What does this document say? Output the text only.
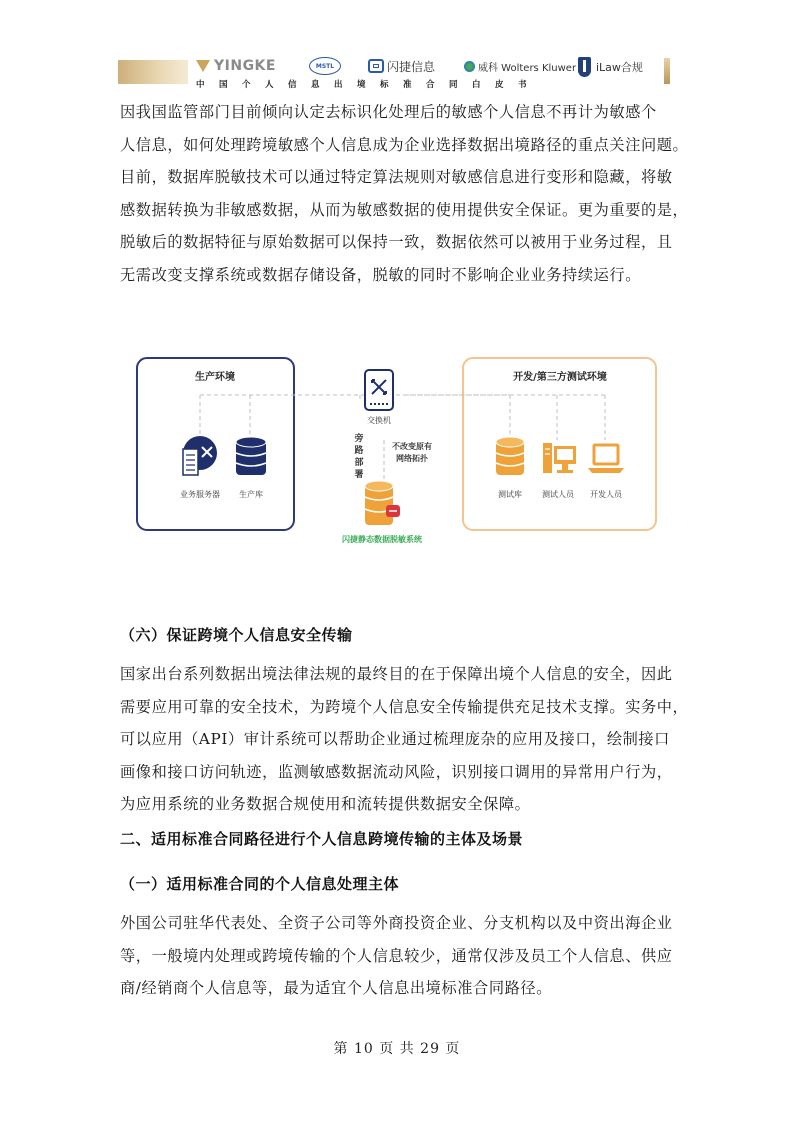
YINGKE	MSTL	闪捷信息	威科 Wolters Kluwer iLaw合规
中国个人信息出境标准合同白皮书

因我国监管部门目前倾向认定去标识化处理后的敏感个人信息不再计为敏感个
人信息，如何处理跨境敏感个人信息成为企业选择数据出境路径的重点关注问题。
目前，数据库脱敏技术可以通过特定算法规则对敏感信息进行变形和隐藏，将敏
感数据转换为非敏感数据，从而为敏感数据的使用提供安全保证。更为重要的是，
脱敏后的数据特征与原始数据可以保持一致，数据依然可以被用于业务过程，且
无需改变支撑系统或数据存储设备，脱敏的同时不影响企业业务持续运行。

生产环境	开发/第三方测试环境
业务服务器 生产库
交换机
旁
路
部
署
不改变原有
网络拓扑
闪捷静态数据脱敏系统
测试库	测试人员 开发人员
（六）保证跨境个人信息安全传输

国家出台系列数据出境法律法规的最终目的在于保障出境个人信息的安全，因此
需要应用可靠的安全技术，为跨境个人信息安全传输提供充足技术支撑。实务中，
可以应用（API）审计系统可以帮助企业通过梳理庞杂的应用及接口，绘制接口
画像和接口访问轨迹，监测敏感数据流动风险，识别接口调用的异常用户行为，
为应用系统的业务数据合规使用和流转提供数据安全保障。

二、适用标准合同路径进行个人信息跨境传输的主体及场景
（一）适用标准合同的个人信息处理主体

外国公司驻华代表处、全资子公司等外商投资企业、分支机构以及中资出海企业
等，一般境内处理或跨境传输的个人信息较少，通常仅涉及员工个人信息、供应
商/经销商个人信息等，最为适宜个人信息出境标准合同路径。

第 10 页 共 29 页
